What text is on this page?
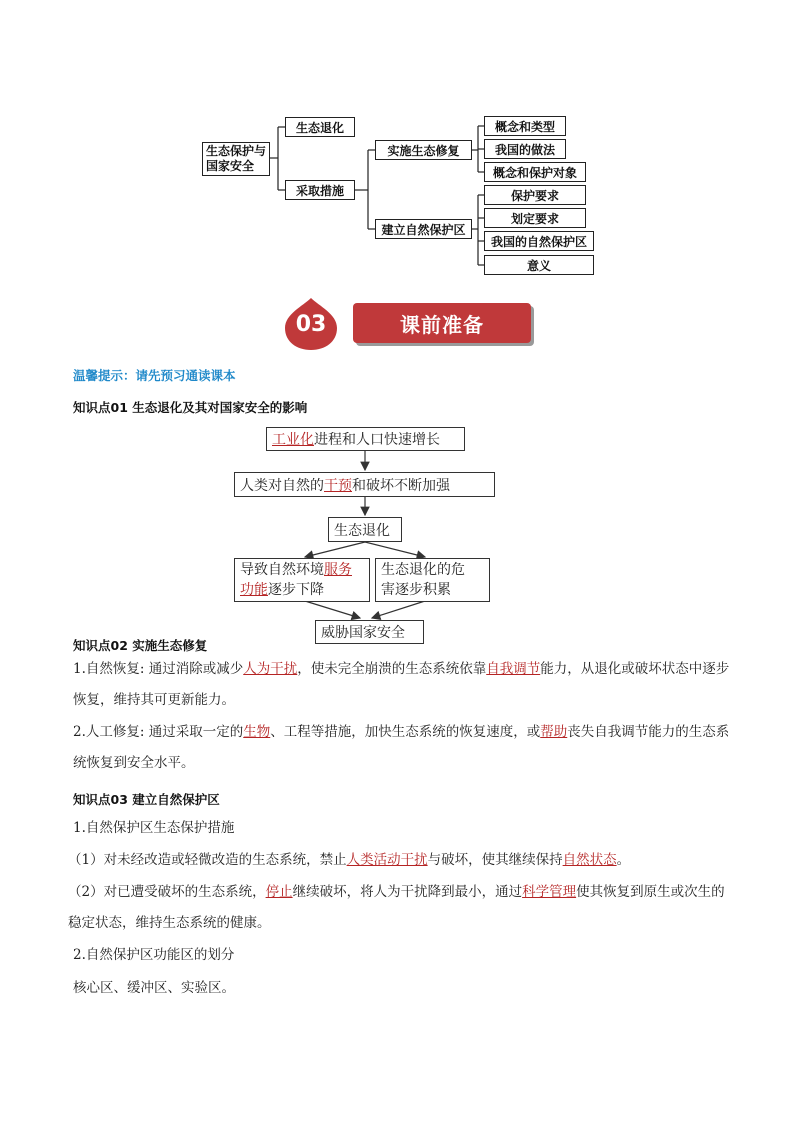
生态保护与
国家安全
生态退化
采取措施
实施生态修复
建立自然保护区
概念和类型
我国的做法
概念和保护对象
保护要求
划定要求
我国的自然保护区
意义
03	课前准备
温馨提示：请先预习通读课本
知识点01 生态退化及其对国家安全的影响
工业化 进程和人口快速增长
人类对自然的 干预 和破坏不断加强
生态退化
导致自然环境服务
功能逐步下降
生态退化的危
害逐步积累
威胁国家安全
知识点02 实施生态修复
1.自然恢复: 通过消除或减少人为干扰，使未完全崩溃的生态系统依靠自我调节能力，从退化或破坏状态中逐步恢复，维持其可更新能力。
2.人工修复: 通过采取一定的生物、工程等措施，加快生态系统的恢复速度，或帮助丧失自我调节能力的生态系统恢复到安全水平。
知识点03 建立自然保护区
1.自然保护区生态保护措施
（1）对未经改造或轻微改造的生态系统，禁止人类活动干扰与破坏，使其继续保持自然状态。
（2）对已遭受破坏的生态系统，停止继续破坏，将人为干扰降到最小，通过科学管理使其恢复到原生或次生的稳定状态，维持生态系统的健康。
2.自然保护区功能区的划分
核心区、缓冲区、实验区。
